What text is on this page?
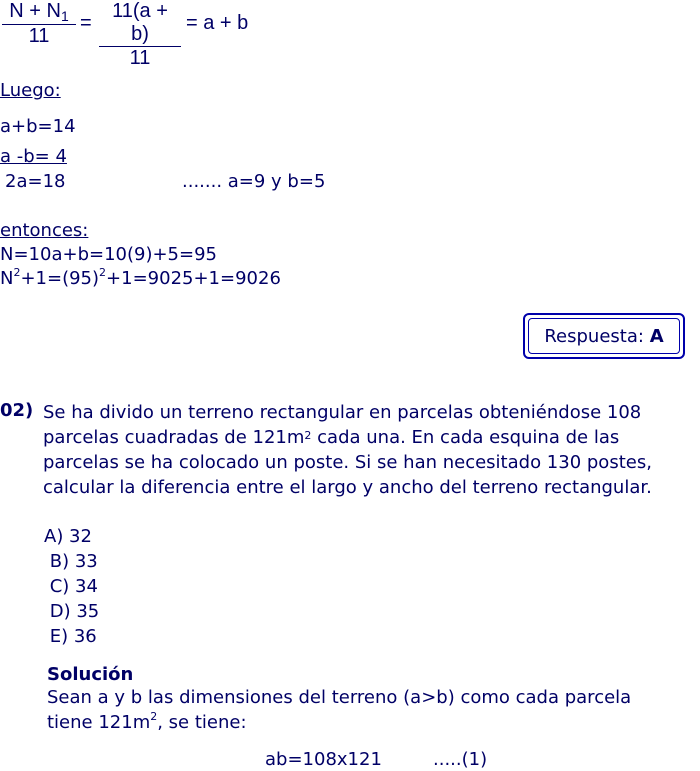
$N + N_1$
11
=
11(a + b)
11
= a + b
Luego:
a+b=14
a -b= 4
2a=18	....... a=9 y b=5
entonces:
N=10a+b=10(9)+5=95
$N^2+1=(95)^2+1=9025+1=9026$
Respuesta:
A
02) Se ha divido un terreno rectangular en parcelas obteniéndose 108
parcelas cuadradas de $121m^2$ cada una. En cada esquina de las
parcelas se ha colocado un poste. Si se han necesitado 130 postes,
calcular la diferencia entre el largo y ancho del terreno rectangular.
A) 32
B) 33
C) 34
D) 35
E) 36
Solución
Sean a y b las dimensiones del terreno (a>b) como cada parcela
tiene $121m^2$, se tiene:
ab=108x121	.....(1)
